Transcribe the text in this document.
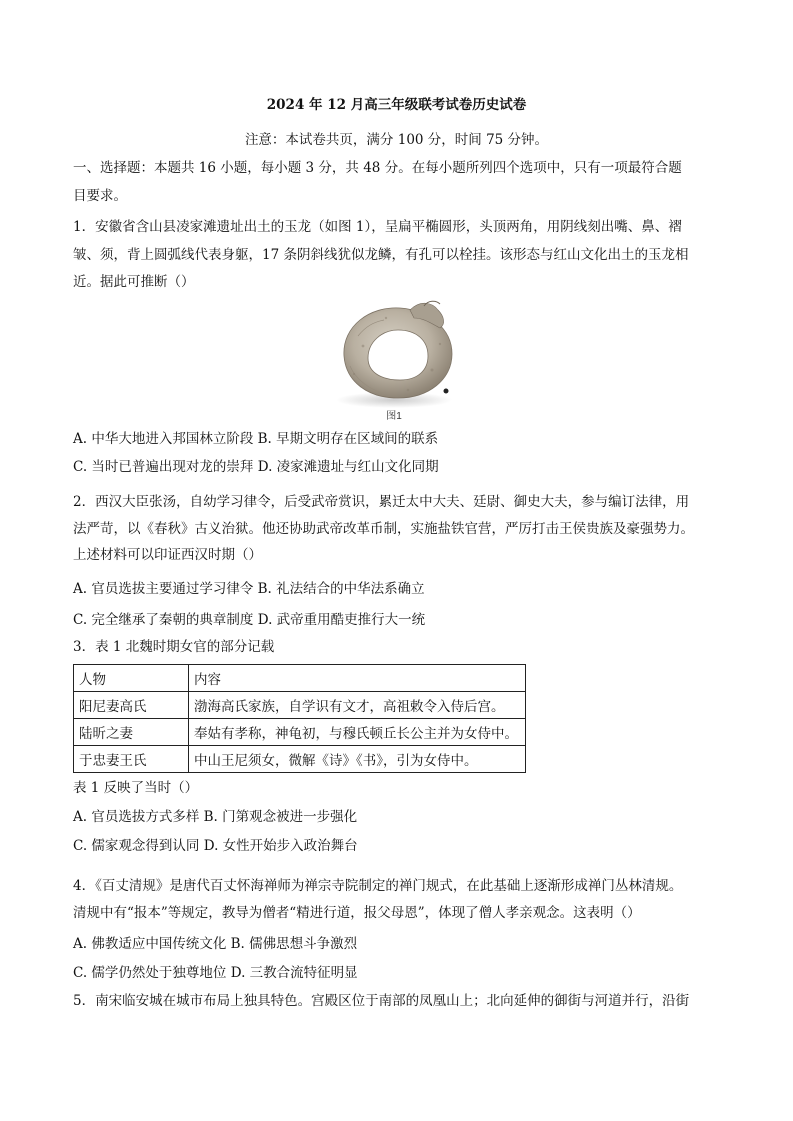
2024 年 12 月高三年级联考试卷历史试卷
注意：本试卷共页，满分 100 分，时间 75 分钟。
一、选择题：本题共 16 小题，每小题 3 分，共 48 分。在每小题所列四个选项中，只有一项最符合题
目要求。
1．安徽省含山县凌家滩遗址出土的玉龙（如图 1），呈扁平椭圆形，头顶两角，用阴线刻出嘴、鼻、褶
皱、须，背上圆弧线代表身躯，17 条阴斜线犹似龙鳞，有孔可以栓挂。该形态与红山文化出土的玉龙相
近。据此可推断（）
图1
A. 中华大地进入邦国林立阶段 B. 早期文明存在区域间的联系
C. 当时已普遍出现对龙的崇拜 D. 凌家滩遗址与红山文化同期
2．西汉大臣张汤，自幼学习律令，后受武帝赏识，累迁太中大夫、廷尉、御史大夫，参与编订法律，用
法严苛，以《春秋》古义治狱。他还协助武帝改革币制，实施盐铁官营，严厉打击王侯贵族及豪强势力。
上述材料可以印证西汉时期（）
A. 官员选拔主要通过学习律令 B. 礼法结合的中华法系确立
C. 完全继承了秦朝的典章制度 D. 武帝重用酷吏推行大一统
3．表 1 北魏时期女官的部分记载
人物	内容
阳尼妻高氏	渤海高氏家族，自学识有文才，高祖敕令入侍后宫。
陆昕之妻	奉姑有孝称，神龟初，与穆氏顿丘长公主并为女侍中。
于忠妻王氏	中山王尼须女，微解《诗》《书》，引为女侍中。
表 1 反映了当时（）
A. 官员选拔方式多样 B. 门第观念被进一步强化
C. 儒家观念得到认同 D. 女性开始步入政治舞台
4．《百丈清规》是唐代百丈怀海禅师为禅宗寺院制定的禅门规式，在此基础上逐渐形成禅门丛林清规。
清规中有“报本”等规定，教导为僧者“精进行道，报父母恩”，体现了僧人孝亲观念。这表明（）
A. 佛教适应中国传统文化 B. 儒佛思想斗争激烈
C. 儒学仍然处于独尊地位 D. 三教合流特征明显
5．南宋临安城在城市布局上独具特色。宫殿区位于南部的凤凰山上；北向延伸的御街与河道并行，沿街
